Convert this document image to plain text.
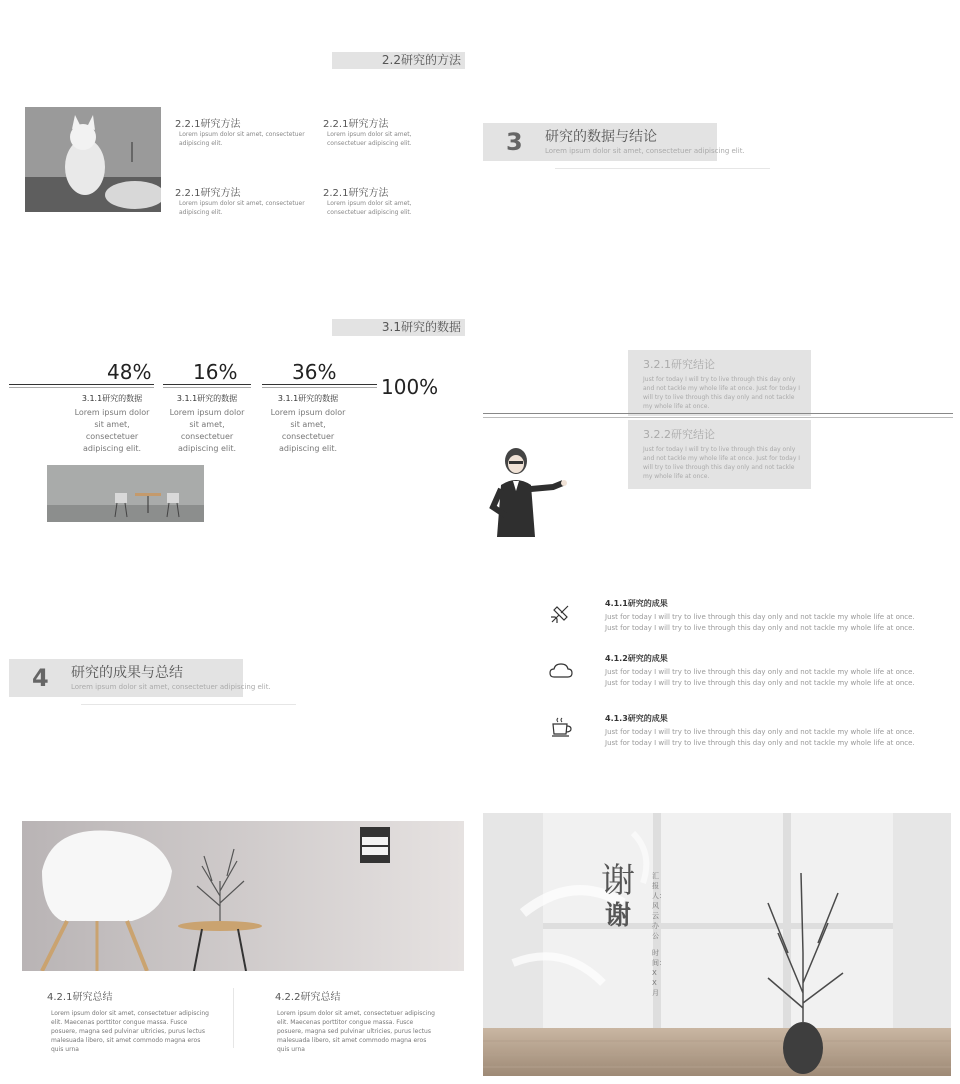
2.2研究的方法
2.2.1研究方法
Lorem ipsum dolor sit amet, consectetuer adipiscing elit.
2.2.1研究方法
Lorem ipsum dolor sit amet, consectetuer adipiscing elit.
2.2.1研究方法
Lorem ipsum dolor sit amet, consectetuer adipiscing elit.
2.2.1研究方法
Lorem ipsum dolor sit amet, consectetuer adipiscing elit.
3 研究的数据与结论
Lorem ipsum dolor sit amet, consectetuer adipiscing elit.
3.1研究的数据
48% 16%	36%
100%
3.1.1研究的数据
Lorem ipsum dolor sit amet, consectetuer adipiscing elit.
3.1.1研究的数据
Lorem ipsum dolor sit amet, consectetuer adipiscing elit.
3.1.1研究的数据
Lorem ipsum dolor sit amet, consectetuer adipiscing elit.
3.2.1研究结论
Just for today I will try to live through this day only and not tackle my whole life at once. Just for today I will try to live through this day only and not tackle my whole life at once.
3.2.2研究结论
Just for today I will try to live through this day only and not tackle my whole life at once. Just for today I will try to live through this day only and not tackle my whole life at once.
4 研究的成果与总结
Lorem ipsum dolor sit amet, consectetuer adipiscing elit.
4.1.1研究的成果
Just for today I will try to live through this day only and not tackle my whole life at once.
Just for today I will try to live through this day only and not tackle my whole life at once.
4.1.2研究的成果
Just for today I will try to live through this day only and not tackle my whole life at once.
Just for today I will try to live through this day only and not tackle my whole life at once.
4.1.3研究的成果
Just for today I will try to live through this day only and not tackle my whole life at once.
Just for today I will try to live through this day only and not tackle my whole life at once.
4.2.1研究总结
Lorem ipsum dolor sit amet, consectetuer adipiscing elit. Maecenas porttitor congue massa. Fusce posuere, magna sed pulvinar ultricies, purus lectus malesuada libero, sit amet commodo magna eros quis urna
4.2.2研究总结
Lorem ipsum dolor sit amet, consectetuer adipiscing elit. Maecenas porttitor congue massa. Fusce posuere, magna sed pulvinar ultricies, purus lectus malesuada libero, sit amet commodo magna eros quis urna
谢
谢
汇报人：风云办公
时间：XX月
